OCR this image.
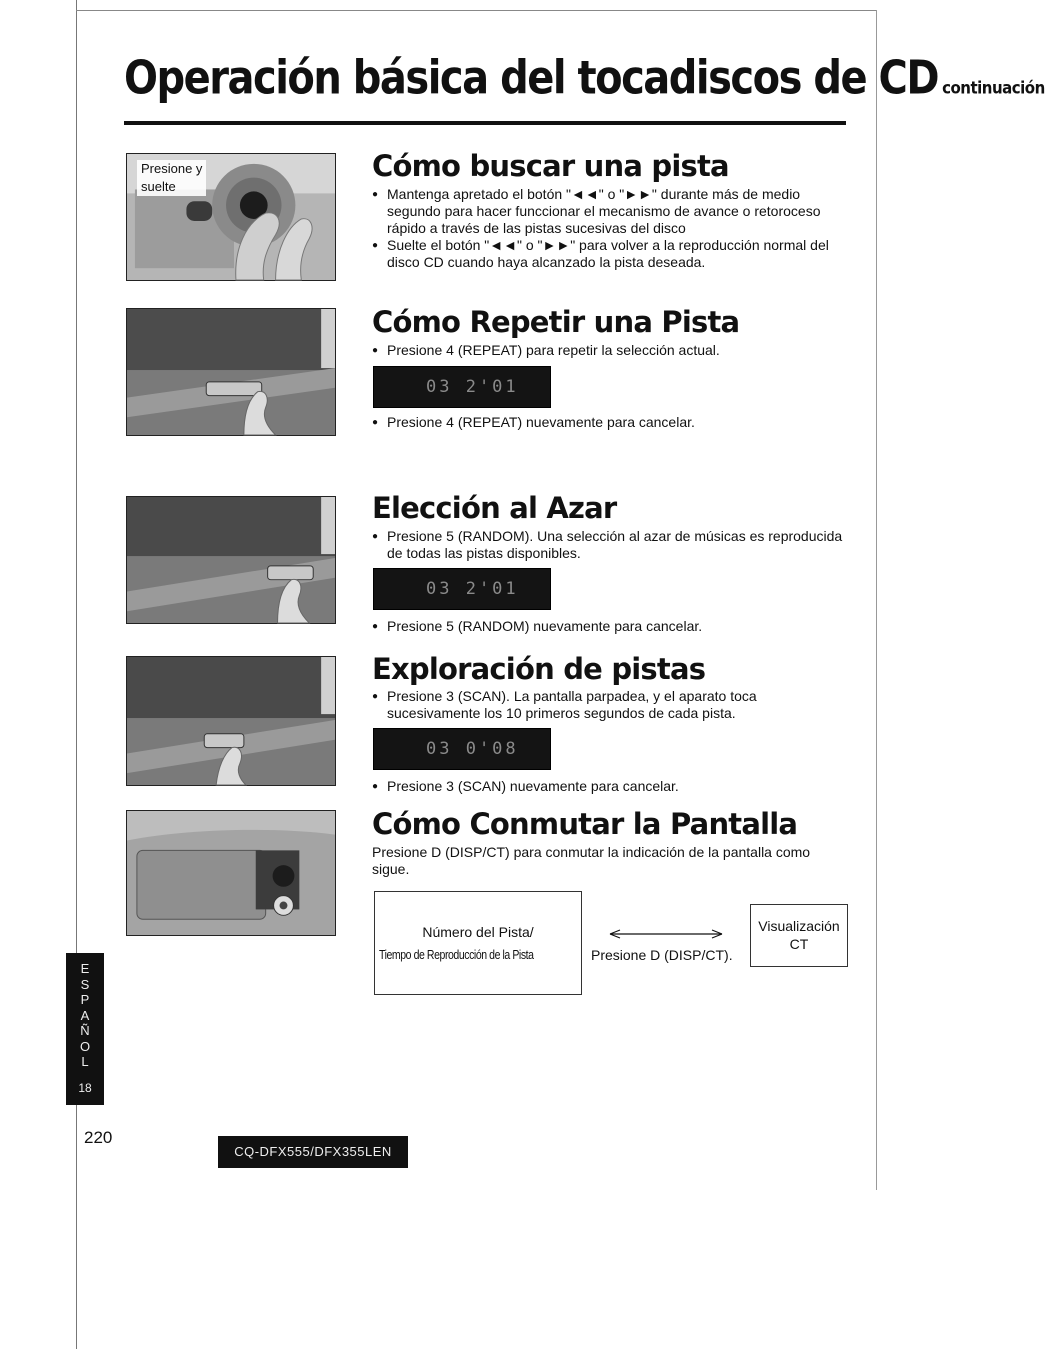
Operación básica del tocadiscos de CD continuación
Presione y
suelte
Cómo buscar una pista
● Mantenga apretado el botón "◄◄" o "►►" durante más de medio segundo para hacer funccionar el mecanismo de avance o retoroceso rápido a través de las pistas sucesivas del disco
● Suelte el botón "◄◄" o "►►" para volver a la reproducción normal del disco CD cuando haya alcanzado la pista deseada.
Cómo Repetir una Pista
● Presione 4 (REPEAT) para repetir la selección actual.
03 2'01
● Presione 4 (REPEAT) nuevamente para cancelar.
Elección al Azar
● Presione 5 (RANDOM). Una selección al azar de músicas es reproducida de todas las pistas disponibles.
03 2'01
● Presione 5 (RANDOM) nuevamente para cancelar.
Exploración de pistas
● Presione 3 (SCAN). La pantalla parpadea, y el aparato toca sucesivamente los 10 primeros segundos de cada pista.
03 0'08
● Presione 3 (SCAN) nuevamente para cancelar.
Cómo Conmutar la Pantalla
Presione D (DISP/CT) para conmutar la indicación de la pantalla como sigue.
Número del Pista/
Tiempo de Reproducción de la Pista	Presione D (DISP/CT).
Visualización
CT
E
S
P
A
Ñ
O
L
18
220
CQ-DFX555/DFX355LEN
